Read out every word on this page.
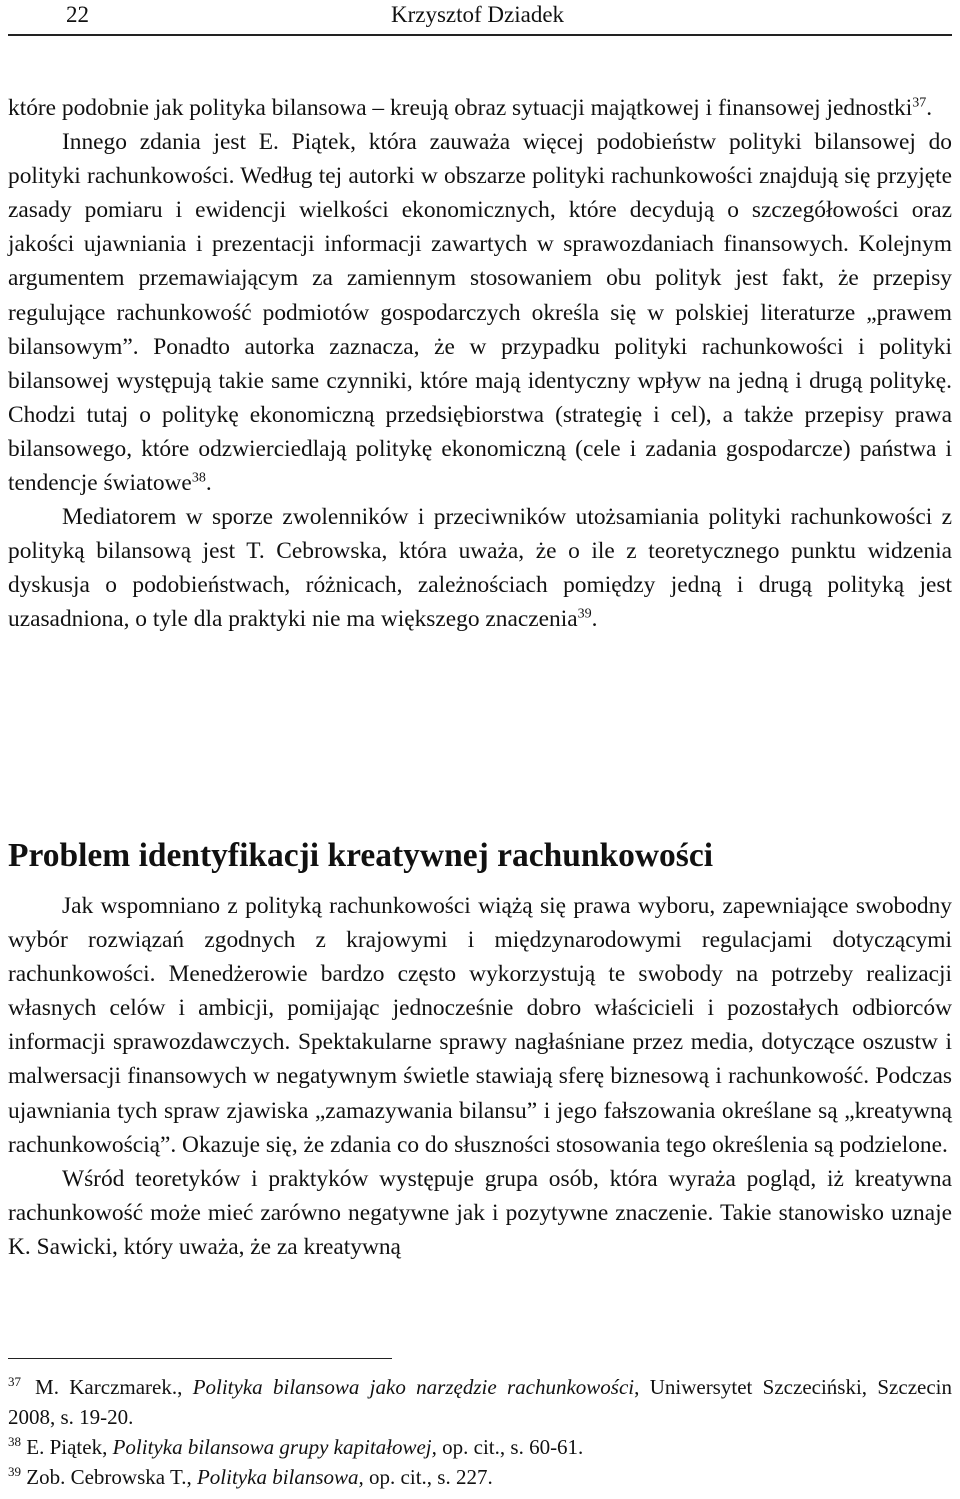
22	Krzysztof Dziadek

które podobnie jak polityka bilansowa – kreują obraz sytuacji majątkowej i finansowej jednostki$^{37}$.

Innego zdania jest E. Piątek, która zauważa więcej podobieństw polityki bilansowej do polityki rachunkowości. Według tej autorki w obszarze polityki rachunkowości znajdują się przyjęte zasady pomiaru i ewidencji wielkości ekonomicznych, które decydują o szczegółowości oraz jakości ujawniania i prezentacji informacji zawartych w sprawozdaniach finansowych. Kolejnym argumentem przemawiającym za zamiennym stosowaniem obu polityk jest fakt, że przepisy regulujące rachunkowość podmiotów gospodarczych określa się w polskiej literaturze „prawem bilansowym”. Ponadto autorka zaznacza, że w przypadku polityki rachunkowości i polityki bilansowej występują takie same czynniki, które mają identyczny wpływ na jedną i drugą politykę. Chodzi tutaj o politykę ekonomiczną przedsiębiorstwa (strategię i cel), a także przepisy prawa bilansowego, które odzwierciedlają politykę ekonomiczną (cele i zadania gospodarcze) państwa i tendencje światowe$^{38}$.

Mediatorem w sporze zwolenników i przeciwników utożsamiania polityki rachunkowości z polityką bilansową jest T. Cebrowska, która uważa, że o ile z teoretycznego punktu widzenia dyskusja o podobieństwach, różnicach, zależnościach pomiędzy jedną i drugą polityką jest uzasadniona, o tyle dla praktyki nie ma większego znaczenia$^{39}$.

Problem identyfikacji kreatywnej rachunkowości

Jak wspomniano z polityką rachunkowości wiążą się prawa wyboru, zapewniające swobodny wybór rozwiązań zgodnych z krajowymi i międzynarodowymi regulacjami dotyczącymi rachunkowości. Menedżerowie bardzo często wykorzystują te swobody na potrzeby realizacji własnych celów i ambicji, pomijając jednocześnie dobro właścicieli i pozostałych odbiorców informacji sprawozdawczych. Spektakularne sprawy nagłaśniane przez media, dotyczące oszustw i malwersacji finansowych w negatywnym świetle stawiają sferę biznesową i rachunkowość. Podczas ujawniania tych spraw zjawiska „zamazywania bilansu” i jego fałszowania określane są „kreatywną rachunkowością”. Okazuje się, że zdania co do słuszności stosowania tego określenia są podzielone.

Wśród teoretyków i praktyków występuje grupa osób, która wyraża pogląd, iż kreatywna rachunkowość może mieć zarówno negatywne jak i pozytywne znaczenie. Takie stanowisko uznaje K. Sawicki, który uważa, że za kreatywną

$^{37}$ M. Karczmarek., Polityka bilansowa jako narzędzie rachunkowości, Uniwersytet Szczeciński, Szczecin 2008, s. 19-20.

$^{38}$ E. Piątek, Polityka bilansowa grupy kapitałowej, op. cit., s. 60-61.

$^{39}$ Zob. Cebrowska T., Polityka bilansowa, op. cit., s. 227.
